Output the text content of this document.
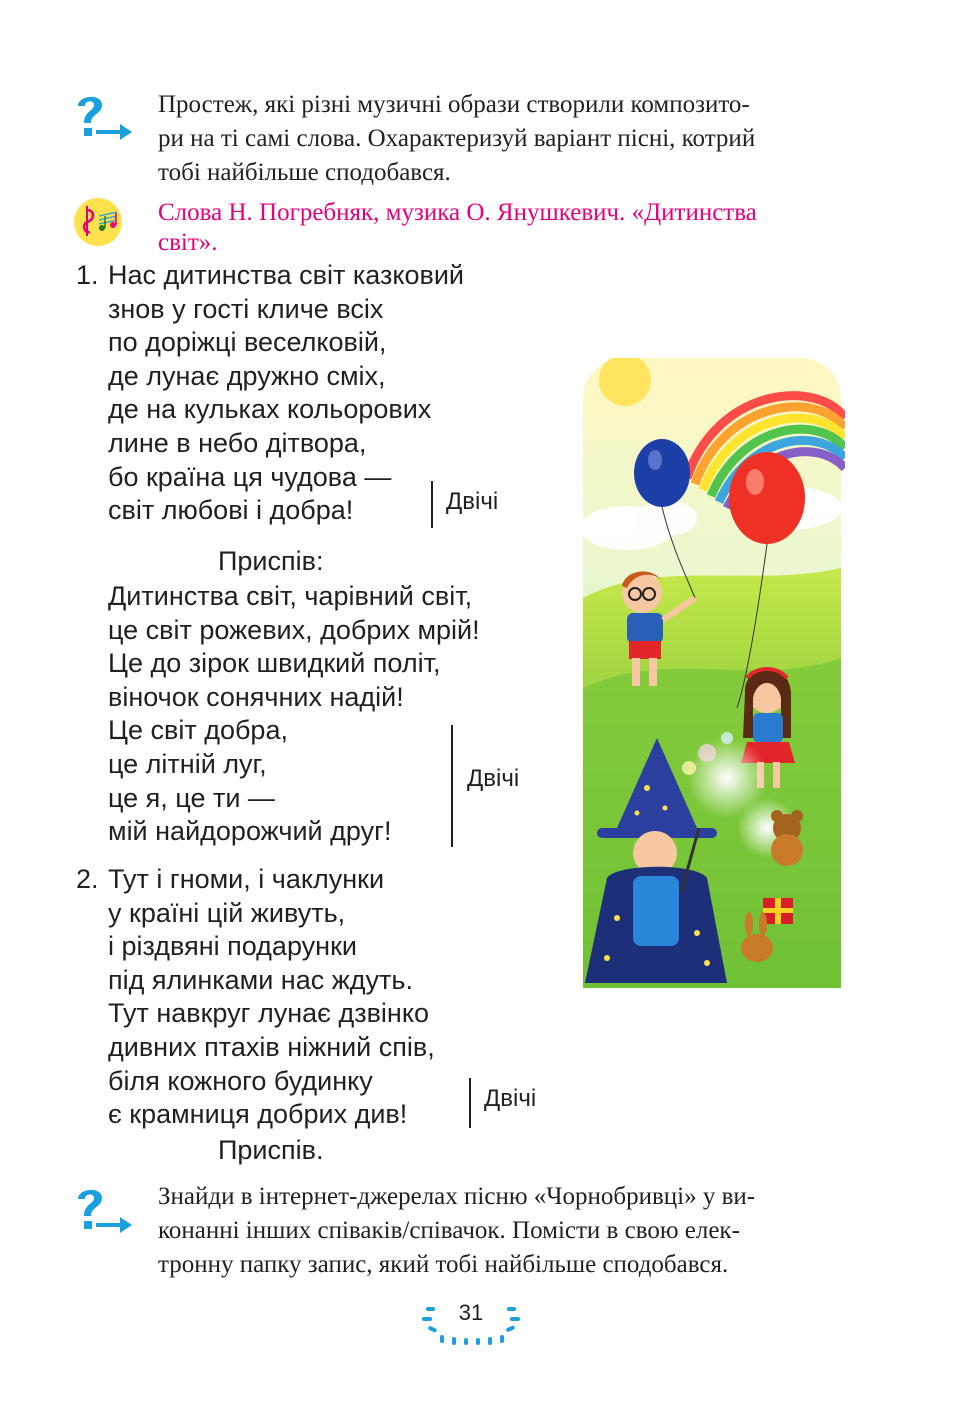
Простеж, які різні музичні образи створили композито-
ри на ті самі слова. Охарактеризуй варіант пісні, котрий
тобі найбільше сподобався.
Слова Н. Погребняк, музика О. Янушкевич. «Дитинства
світ».
1. Нас дитинства світ казковий
знов у гості кличе всіх
по доріжці веселковій,
де лунає дружно сміх,
де на кульках кольорових
лине в небо дітвора,
бо країна ця чудова —
світ любові і добра!	Двічі
Приспів:
Дитинства світ, чарівний світ,
це світ рожевих, добрих мрій!
Це до зірок швидкий політ,
віночок сонячних надій!
Це світ добра,
це літній луг,
це я, це ти —
мій найдорожчий друг!
Двічі
2. Тут і гноми, і чаклунки
у країні цій живуть,
і різдвяні подарунки
під ялинками нас ждуть.
Тут навкруг лунає дзвінко
дивних птахів ніжний спів,
біля кожного будинку
є крамниця добрих див!
Двічі
Приспів.
Знайди в інтернет-джерелах пісню «Чорнобривці» у ви-
конанні інших співаків/співачок. Помісти в свою елек-
тронну папку запис, який тобі найбільше сподобався.
31
